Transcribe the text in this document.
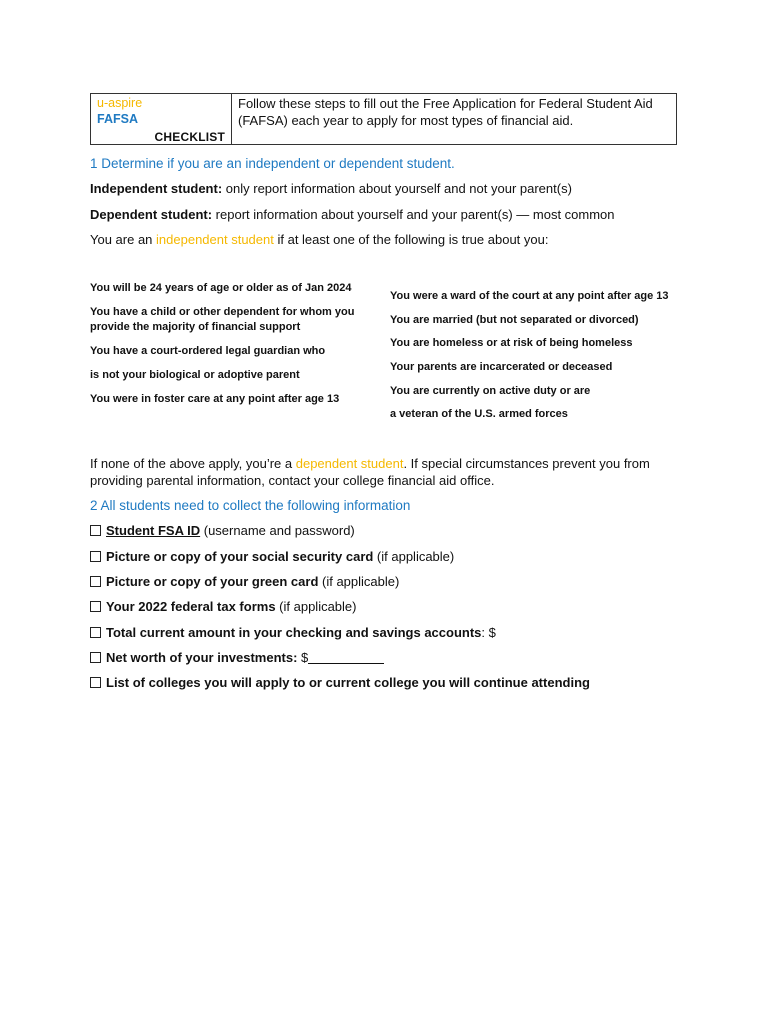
u-aspire
FAFSA
CHECKLIST
	Follow these steps to fill out the Free Application for Federal Student Aid (FAFSA) each year to apply for most types of financial aid.
1 Determine if you are an independent or dependent student.
Independent student: only report information about yourself and not your parent(s)
Dependent student: report information about yourself and your parent(s) — most common
You are an independent student if at least one of the following is true about you:
You will be 24 years of age or older as of Jan 2024
You have a child or other dependent for whom you
provide the majority of financial support
You have a court-ordered legal guardian who
is not your biological or adoptive parent
You were in foster care at any point after age 13
You were a ward of the court at any point after age 13
You are married (but not separated or divorced)
You are homeless or at risk of being homeless
Your parents are incarcerated or deceased
You are currently on active duty or are
a veteran of the U.S. armed forces
If none of the above apply, you’re a dependent student. If special circumstances prevent you from
providing parental information, contact your college financial aid office.
2 All students need to collect the following information
Student FSA ID (username and password)
Picture or copy of your social security card (if applicable)
Picture or copy of your green card (if applicable)
Your 2022 federal tax forms (if applicable)
Total current amount in your checking and savings accounts: $
Net worth of your investments: $
List of colleges you will apply to or current college you will continue attending
